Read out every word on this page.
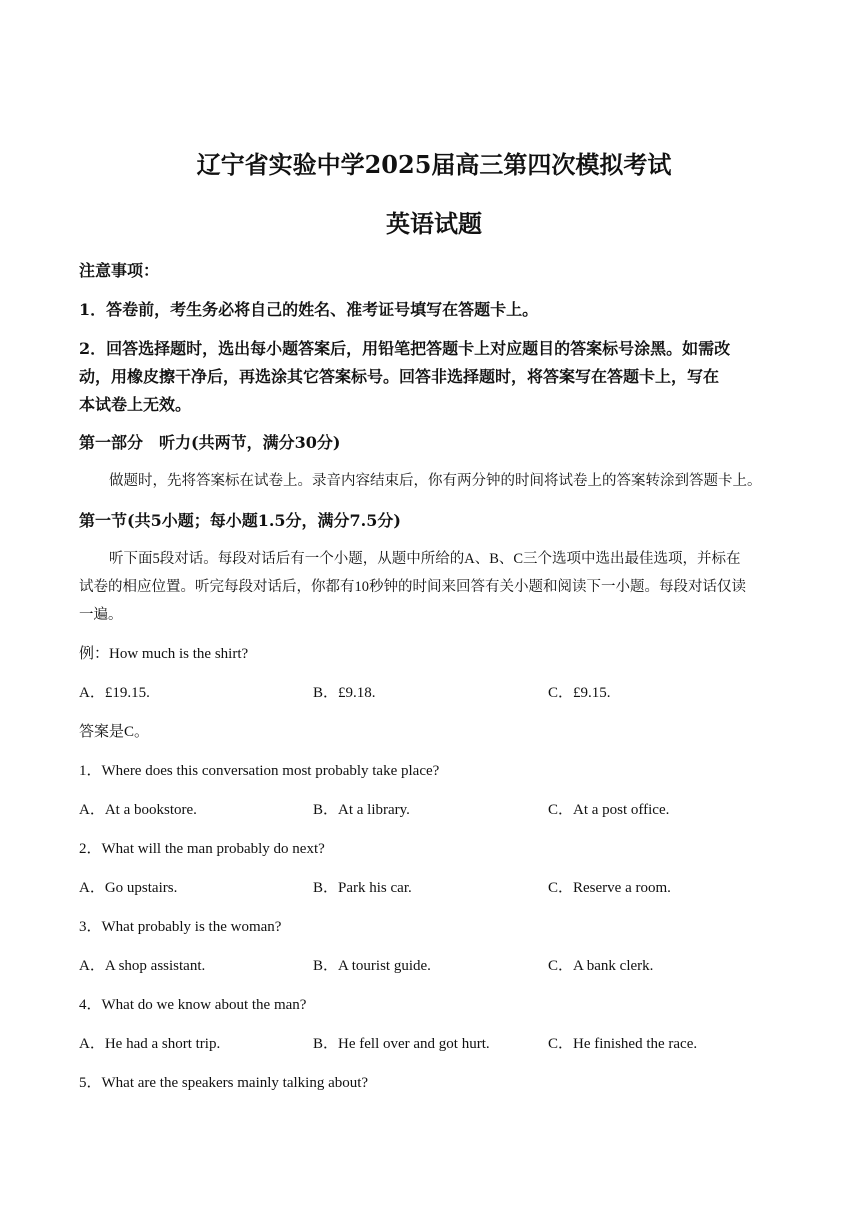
辽宁省实验中学2025届高三第四次模拟考试
英语试题
注意事项：
1．答卷前，考生务必将自己的姓名、准考证号填写在答题卡上。
2．回答选择题时，选出每小题答案后，用铅笔把答题卡上对应题目的答案标号涂黑。如需改
动，用橡皮擦干净后，再选涂其它答案标号。回答非选择题时，将答案写在答题卡上，写在
本试卷上无效。
第一部分　听力(共两节，满分30分)
做题时，先将答案标在试卷上。录音内容结束后，你有两分钟的时间将试卷上的答案转涂到答题卡上。
第一节(共5小题；每小题1.5分，满分7.5分)
听下面5段对话。每段对话后有一个小题，从题中所给的A、B、C三个选项中选出最佳选项，并标在
试卷的相应位置。听完每段对话后，你都有10秒钟的时间来回答有关小题和阅读下一小题。每段对话仅读
一遍。
例：How much is the shirt?
A．£19.15.	B．£9.18.	C．£9.15.
答案是C。
1．Where does this conversation most probably take place?
A．At a bookstore.	B．At a library.	C．At a post office.
2．What will the man probably do next?
A．Go upstairs.	B．Park his car.	C．Reserve a room.
3．What probably is the woman?
A．A shop assistant.	B．A tourist guide.	C．A bank clerk.
4．What do we know about the man?
A．He had a short trip.	B．He fell over and got hurt.	C．He finished the race.
5．What are the speakers mainly talking about?
